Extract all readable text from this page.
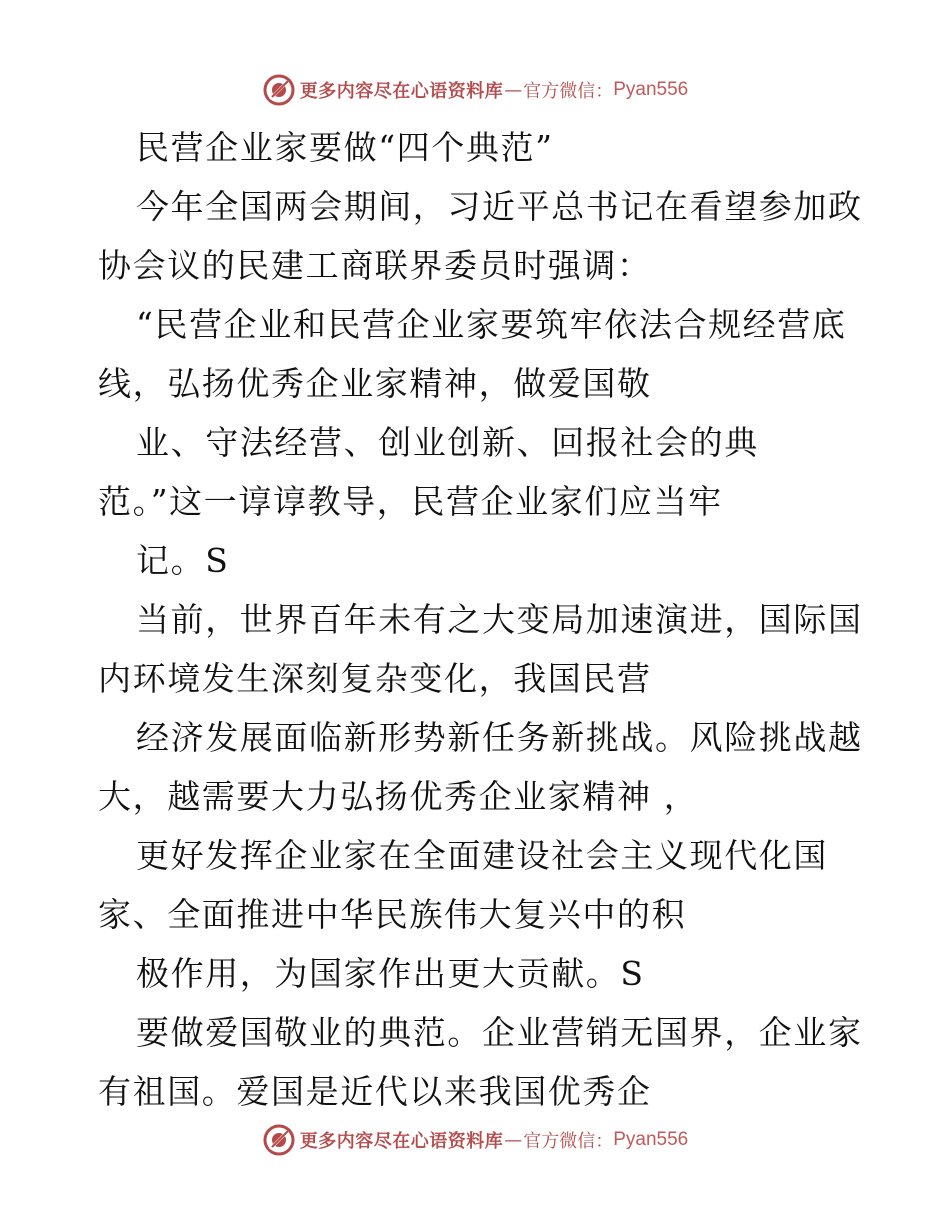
更多内容尽在心语资料库 — 官方微信： Pyan556
民营企业家要做“四个典范”
今年全国两会期间，习近平总书记在看望参加政
协会议的民建工商联界委员时强调：
“民营企业和民营企业家要筑牢依法合规经营底
线，弘扬优秀企业家精神，做爱国敬
业、守法经营、创业创新、回报社会的典
范。”这一谆谆教导，民营企业家们应当牢
记。S
当前，世界百年未有之大变局加速演进，国际国
内环境发生深刻复杂变化，我国民营
经济发展面临新形势新任务新挑战。风险挑战越
大，越需要大力弘扬优秀企业家精神 ，
更好发挥企业家在全面建设社会主义现代化国
家、全面推进中华民族伟大复兴中的积
极作用，为国家作出更大贡献。S
要做爱国敬业的典范。企业营销无国界，企业家
有祖国。爱国是近代以来我国优秀企
更多内容尽在心语资料库 — 官方微信： Pyan556
